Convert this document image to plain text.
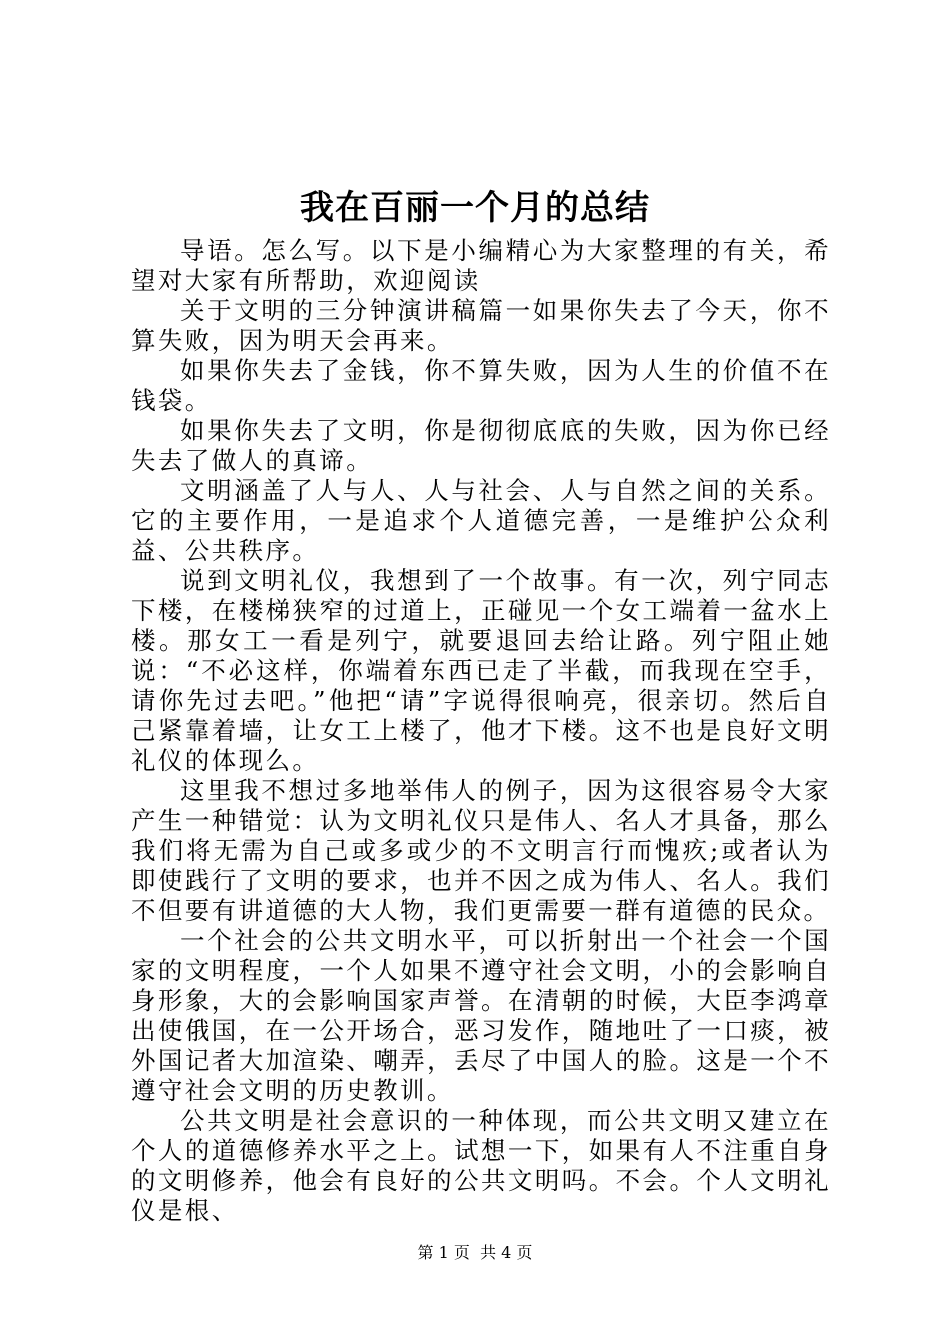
我在百丽一个月的总结

导语。怎么写。以下是小编精心为大家整理的有关，希望对大家有所帮助，欢迎阅读

关于文明的三分钟演讲稿篇一如果你失去了今天，你不算失败，因为明天会再来。

如果你失去了金钱，你不算失败，因为人生的价值不在钱袋。

如果你失去了文明，你是彻彻底底的失败，因为你已经失去了做人的真谛。

文明涵盖了人与人、人与社会、人与自然之间的关系。它的主要作用，一是追求个人道德完善，一是维护公众利益、公共秩序。

说到文明礼仪，我想到了一个故事。有一次，列宁同志下楼，在楼梯狭窄的过道上，正碰见一个女工端着一盆水上楼。那女工一看是列宁，就要退回去给让路。列宁阻止她说：“不必这样，你端着东西已走了半截，而我现在空手，请你先过去吧。”他把“请”字说得很响亮，很亲切。然后自己紧靠着墙，让女工上楼了，他才下楼。这不也是良好文明礼仪的体现么。

这里我不想过多地举伟人的例子，因为这很容易令大家产生一种错觉：认为文明礼仪只是伟人、名人才具备，那么我们将无需为自己或多或少的不文明言行而愧疚;或者认为即使践行了文明的要求，也并不因之成为伟人、名人。我们不但要有讲道德的大人物，我们更需要一群有道德的民众。

一个社会的公共文明水平，可以折射出一个社会一个国家的文明程度，一个人如果不遵守社会文明，小的会影响自身形象，大的会影响国家声誉。在清朝的时候，大臣李鸿章出使俄国，在一公开场合，恶习发作，随地吐了一口痰，被外国记者大加渲染、嘲弄，丢尽了中国人的脸。这是一个不遵守社会文明的历史教训。

公共文明是社会意识的一种体现，而公共文明又建立在个人的道德修养水平之上。试想一下，如果有人不注重自身的文明修养，他会有良好的公共文明吗。不会。个人文明礼仪是根、

第 1 页  共 4 页
